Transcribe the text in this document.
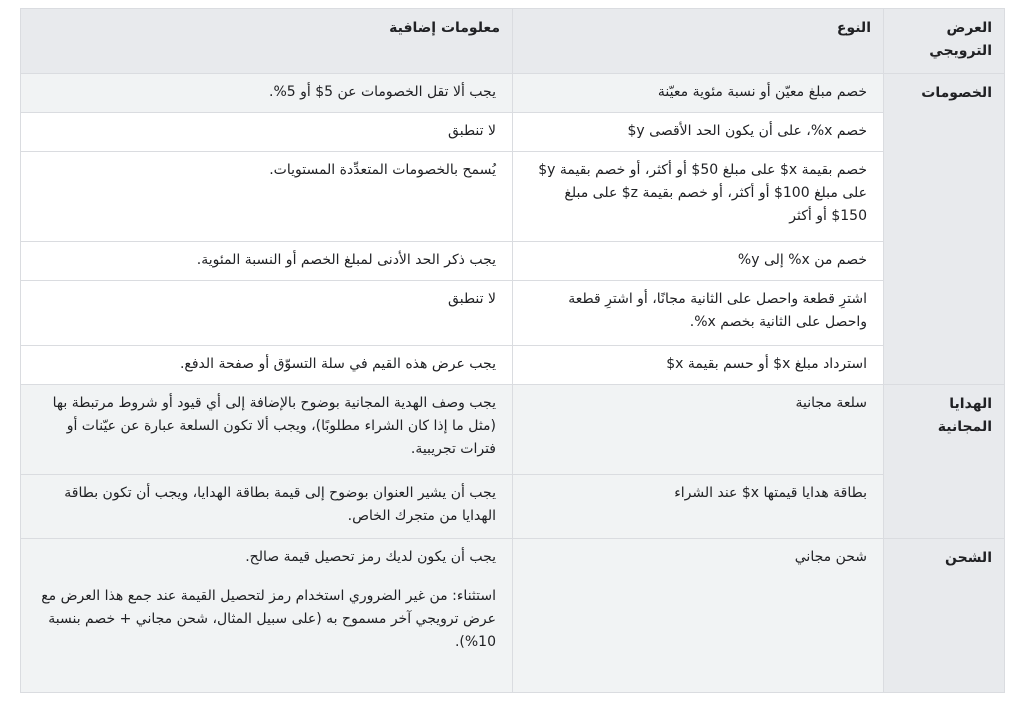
العرض الترويجي	النوع	معلومات إضافية
الخصومات	خصم مبلغ معيّن أو نسبة مئوية معيّنة	يجب ألا تقل الخصومات عن 5$ أو 5%.
	خصم x%، على أن يكون الحد الأقصى y$	لا تنطبق
	خصم بقيمة x$ على مبلغ 50$ أو أكثر، أو خصم بقيمة y$ على مبلغ 100$ أو أكثر، أو خصم بقيمة z$ على مبلغ 150$ أو أكثر	يُسمح بالخصومات المتعدِّدة المستويات.
	خصم من x% إلى y%	يجب ذكر الحد الأدنى لمبلغ الخصم أو النسبة المئوية.
	اشترِ قطعة واحصل على الثانية مجانًا، أو اشترِ قطعة واحصل على الثانية بخصم x%.	لا تنطبق
	استرداد مبلغ x$ أو حسم بقيمة x$	يجب عرض هذه القيم في سلة التسوّق أو صفحة الدفع.
الهدايا المجانية	سلعة مجانية	يجب وصف الهدية المجانية بوضوح بالإضافة إلى أي قيود أو شروط مرتبطة بها (مثل ما إذا كان الشراء مطلوبًا)، ويجب ألا تكون السلعة عبارة عن عيّنات أو فترات تجريبية.
	بطاقة هدايا قيمتها x$ عند الشراء	يجب أن يشير العنوان بوضوح إلى قيمة بطاقة الهدايا، ويجب أن تكون بطاقة الهدايا من متجرك الخاص.
الشحن	شحن مجاني	يجب أن يكون لديك رمز تحصيل قيمة صالح.

استثناء: من غير الضروري استخدام رمز لتحصيل القيمة عند جمع هذا العرض مع عرض ترويجي آخر مسموح به (على سبيل المثال، شحن مجاني + خصم بنسبة 10%).
